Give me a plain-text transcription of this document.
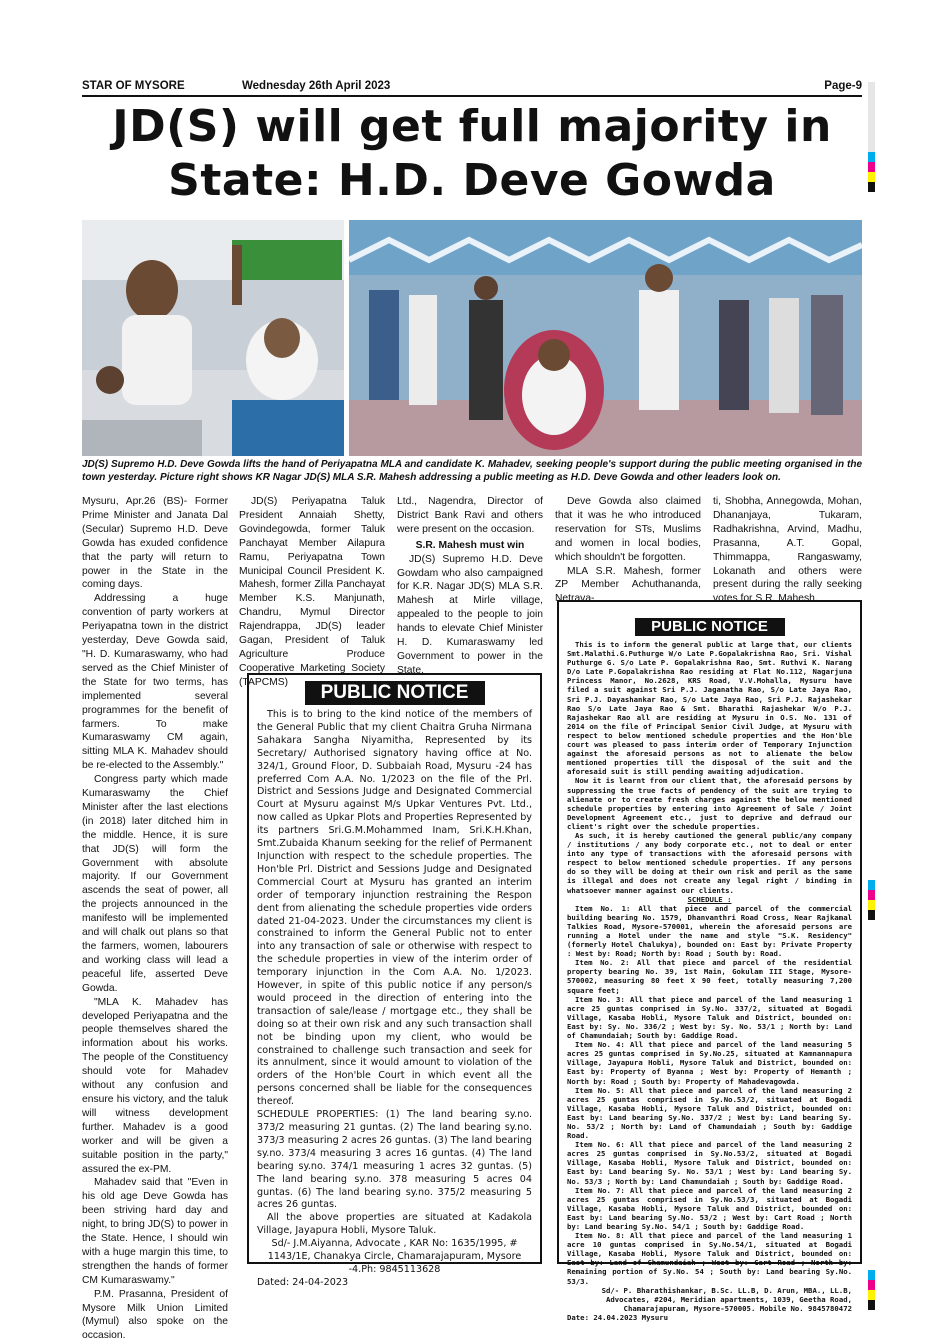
STAR OF MYSORE	Wednesday 26th April 2023	Page-9
JD(S) will get full majority in
State: H.D. Deve Gowda
JD(S) Supremo H.D. Deve Gowda lifts the hand of Periyapatna MLA and candidate K. Mahadev, seeking people's support during the public meeting organised in the town yesterday. Picture right shows KR Nagar JD(S) MLA S.R. Mahesh addressing a public meeting as H.D. Deve Gowda and other leaders look on.

Mysuru, Apr.26 (BS)- Former Prime Minister and Janata Dal (Secular) Supremo H.D. Deve Gowda has exuded confidence that the party will return to power in the State in the coming days.

Addressing a huge convention of party workers at Periyapatna town in the district yesterday, Deve Gowda said, "H. D. Kumaraswamy, who had served as the Chief Minister of the State for two terms, has implemented several programmes for the benefit of farmers. To make Kumaraswamy CM again, sitting MLA K. Mahadev should be re-elected to the Assembly."

Congress party which made Kumaraswamy the Chief Minister after the last elections (in 2018) later ditched him in the middle. Hence, it is sure that JD(S) will form the Government with absolute majority. If our Government ascends the seat of power, all the projects announced in the manifesto will be implemented and will chalk out plans so that the farmers, women, labourers and working class will lead a peaceful life, asserted Deve Gowda.

"MLA K. Mahadev has developed Periyapatna and the people themselves shared the information about his works. The people of the Constituency should vote for Mahadev without any confusion and ensure his victory, and the taluk will witness development further. Mahadev is a good worker and will be given a suitable position in the party," assured the ex-PM.

Mahadev said that "Even in his old age Deve Gowda has been striving hard day and night, to bring JD(S) to power in the State. Hence, I should win with a huge margin this time, to strengthen the hands of former CM Kumaraswamy."

P.M. Prasanna, President of Mysore Milk Union Limited (Mymul) also spoke on the occasion.

JD(S) Periyapatna Taluk President Annaiah Shetty, Govindegowda, former Taluk Panchayat Member Ailapura Ramu, Periyapatna Town Municipal Council President K. Mahesh, former Zilla Panchayat Member K.S. Manjunath, Chandru, Mymul Director Rajendrappa, JD(S) leader Gagan, President of Taluk Agriculture Produce Cooperative Marketing Society (TAPCMS)

Ltd., Nagendra, Director of District Bank Ravi and others were present on the occasion.

S.R. Mahesh must win

JD(S) Supremo H.D. Deve Gowdam who also campaigned for K.R. Nagar JD(S) MLA S.R. Mahesh at Mirle village, appealed to the people to join hands to elevate Chief Minister H. D. Kumaraswamy led Government to power in the State.

Deve Gowda also claimed that it was he who introduced reservation for STs, Muslims and women in local bodies, which shouldn't be forgotten.

MLA S.R. Mahesh, former ZP Member Achuthananda, Netrava-

ti, Shobha, Annegowda, Mohan, Dhananjaya, Tukaram, Radhakrishna, Arvind, Madhu, Prasanna, A.T. Gopal, Thimmappa, Rangaswamy, Lokanath and others were present during the rally seeking votes for S.R. Mahesh.

PUBLIC NOTICE

This is to bring to the kind notice of the members of the General Public that my client Chaitra Gruha Nirmana Sahakara Sangha Niyamitha, Represented by its Secretary/ Authorised signatory having office at No. 324/1, Ground Floor, D. Subbaiah Road, Mysuru -24 has preferred Com A.A. No. 1/2023 on the file of the Prl. District and Sessions Judge and Designated Commercial Court at Mysuru against M/s Upkar Ventures Pvt. Ltd., now called as Upkar Plots and Properties Represented by its partners Sri.G.M.Mohammed Inam, Sri.K.H.Khan, Smt.Zubaida Khanum seeking for the relief of Permanent Injunction with respect to the schedule properties. The Hon'ble Prl. District and Sessions Judge and Designated Commercial Court at Mysuru has granted an interim order of temporary injunction restraining the Respon dent from alienating the schedule properties vide orders dated 21-04-2023. Under the circumstances my client is constrained to inform the General Public not to enter into any transaction of sale or otherwise with respect to the schedule properties in view of the interim order of temporary injunction in the Com A.A. No. 1/2023. However, in spite of this public notice if any person/s would proceed in the direction of entering into the transaction of sale/lease / mortgage etc., they shall be doing so at their own risk and any such transaction shall not be binding upon my client, who would be constrained to challenge such transaction and seek for its annulment, since it would amount to violation of the orders of the Hon'ble Court in which event all the persons concerned shall be liable for the consequences thereof.

SCHEDULE PROPERTIES: (1) The land bearing sy.no. 373/2 measuring 21 guntas. (2) The land bearing sy.no. 373/3 measuring 2 acres 26 guntas. (3) The land bearing sy.no. 373/4 measuring 3 acres 16 guntas. (4) The land bearing sy.no. 374/1 measuring 1 acres 32 guntas. (5) The land bearing sy.no. 378 measuring 5 acres 04 guntas. (6) The land bearing sy.no. 375/2 measuring 5 acres 26 guntas.

All the above properties are situated at Kadakola Village, Jayapura Hobli, Mysore Taluk.

Sd/- J.M.Aiyanna, Advocate , KAR No: 1635/1995, # 1143/1E, Chanakya Circle, Chamarajapuram, Mysore -4.Ph: 9845113628

Dated: 24-04-2023

PUBLIC NOTICE

This is to inform the general public at large that, our clients Smt.Malathi.G.Puthurge W/o Late P.Gopalakrishna Rao, Sri. Vishal Puthurge G. S/o Late P. Gopalakrishna Rao, Smt. Ruthvi K. Narang D/o Late P.Gopalakrishna Rao residing at Flat No.112, Nagarjuna Princess Manor, No.2628, KRS Road, V.V.Mohalla, Mysuru have filed a suit against Sri P.J. Jaganatha Rao, S/o Late Jaya Rao, Sri P.J. Dayashankar Rao, S/o Late Jaya Rao, Sri P.J. Rajashekar Rao S/o Late Jaya Rao & Smt. Bharathi Rajashekar W/o P.J. Rajashekar Rao all are residing at Mysuru in O.S. No. 131 of 2014 on the file of Principal Senior Civil Judge, at Mysuru with respect to below mentioned schedule properties and the Hon'ble court was pleased to pass interim order of Temporary Injunction against the aforesaid persons as not to alienate the below mentioned properties till the disposal of the suit and the aforesaid suit is still pending awaiting adjudication.

Now it is learnt from our client that, the aforesaid persons by suppressing the true facts of pendency of the suit are trying to alienate or to create fresh charges against the below mentioned schedule properties by entering into Agreement of Sale / Joint Development Agreement etc., just to deprive and defraud our client's right over the schedule properties.

As such, it is hereby cautioned the general public/any company / institutions / any body corporate etc., not to deal or enter into any type of transactions with the aforesaid persons with respect to below mentioned schedule properties. If any persons do so they will be doing at their own risk and peril as the same is illegal and does not create any legal right / binding in whatsoever manner against our clients.

SCHEDULE :

Item No. 1: All that piece and parcel of the commercial building bearing No. 1579, Dhanvanthri Road Cross, Near Rajkamal Talkies Road, Mysore-570001, wherein the aforesaid persons are running a Hotel under the name and style "S.K. Residency" (formerly Hotel Chalukya), bounded on: East by: Private Property : West by: Road; North by: Road ; South by: Road.

Item No. 2: All that piece and parcel of the residential property bearing No. 39, 1st Main, Gokulam III Stage, Mysore-570002, measuring 80 feet X 90 feet, totally measuring 7,200 square feet;

Item No. 3: All that piece and parcel of the land measuring 1 acre 25 guntas comprised in Sy.No. 337/2, situated at Bogadi Village, Kasaba Hobli, Mysore Taluk and District, bounded on: East by: Sy. No. 336/2 ; West by: Sy. No. 53/1 ; North by: Land of Chamundaiah; South by: Gaddige Road.

Item No. 4: All that piece and parcel of the land measuring 5 acres 25 guntas comprised in Sy.No.25, situated at Kamnannapura Village, Jayapura Hobli, Mysore Taluk and District, bounded on: East by: Property of Byanna ; West by: Property of Hemanth ; North by: Road ; South by: Property of Mahadevagowda.

Item No. 5: All that piece and parcel of the land measuring 2 acres 25 guntas comprised in Sy.No.53/2, situated at Bogadi Village, Kasaba Hobli, Mysore Taluk and District, bounded on: East by: Land bearing Sy.No. 337/2 ; West by: Land bearing Sy. No. 53/2 ; North by: Land of Chamundaiah ; South by: Gaddige Road.

Item No. 6: All that piece and parcel of the land measuring 2 acres 25 guntas comprised in Sy.No.53/2, situated at Bogadi Village, Kasaba Hobli, Mysore Taluk and District, bounded on: East by: Land bearing Sy. No. 53/1 ; West by: Land bearing Sy. No. 53/3 ; North by: Land Chamundaiah ; South by: Gaddige Road.

Item No. 7: All that piece and parcel of the land measuring 2 acres 25 guntas comprised in Sy.No.53/3, situated at Bogadi Village, Kasaba Hobli, Mysore Taluk and District, bounded on: East by: Land bearing Sy.No. 53/2 ; West by: Cart Road ; North by: Land bearing Sy.No. 54/1 ; South by: Gaddige Road.

Item No. 8: All that piece and parcel of the land measuring 1 acre 10 guntas comprised in Sy.No.54/1, situated at Bogadi Village, Kasaba Hobli, Mysore Taluk and District, bounded on: East by: Land of Chamundaiah ; West by: Cart Road ; North by: Remaining portion of Sy.No. 54 ; South by: Land bearing Sy.No. 53/3.

Sd/- P. Bharathishankar, B.Sc. LL.B, D. Arun, MBA., LL.B, Advocates, #204, Meridian apartments, 1039, Geetha Road, Chamarajapuram, Mysore-570005. Mobile No. 9845780472

Date: 24.04.2023 Mysuru
